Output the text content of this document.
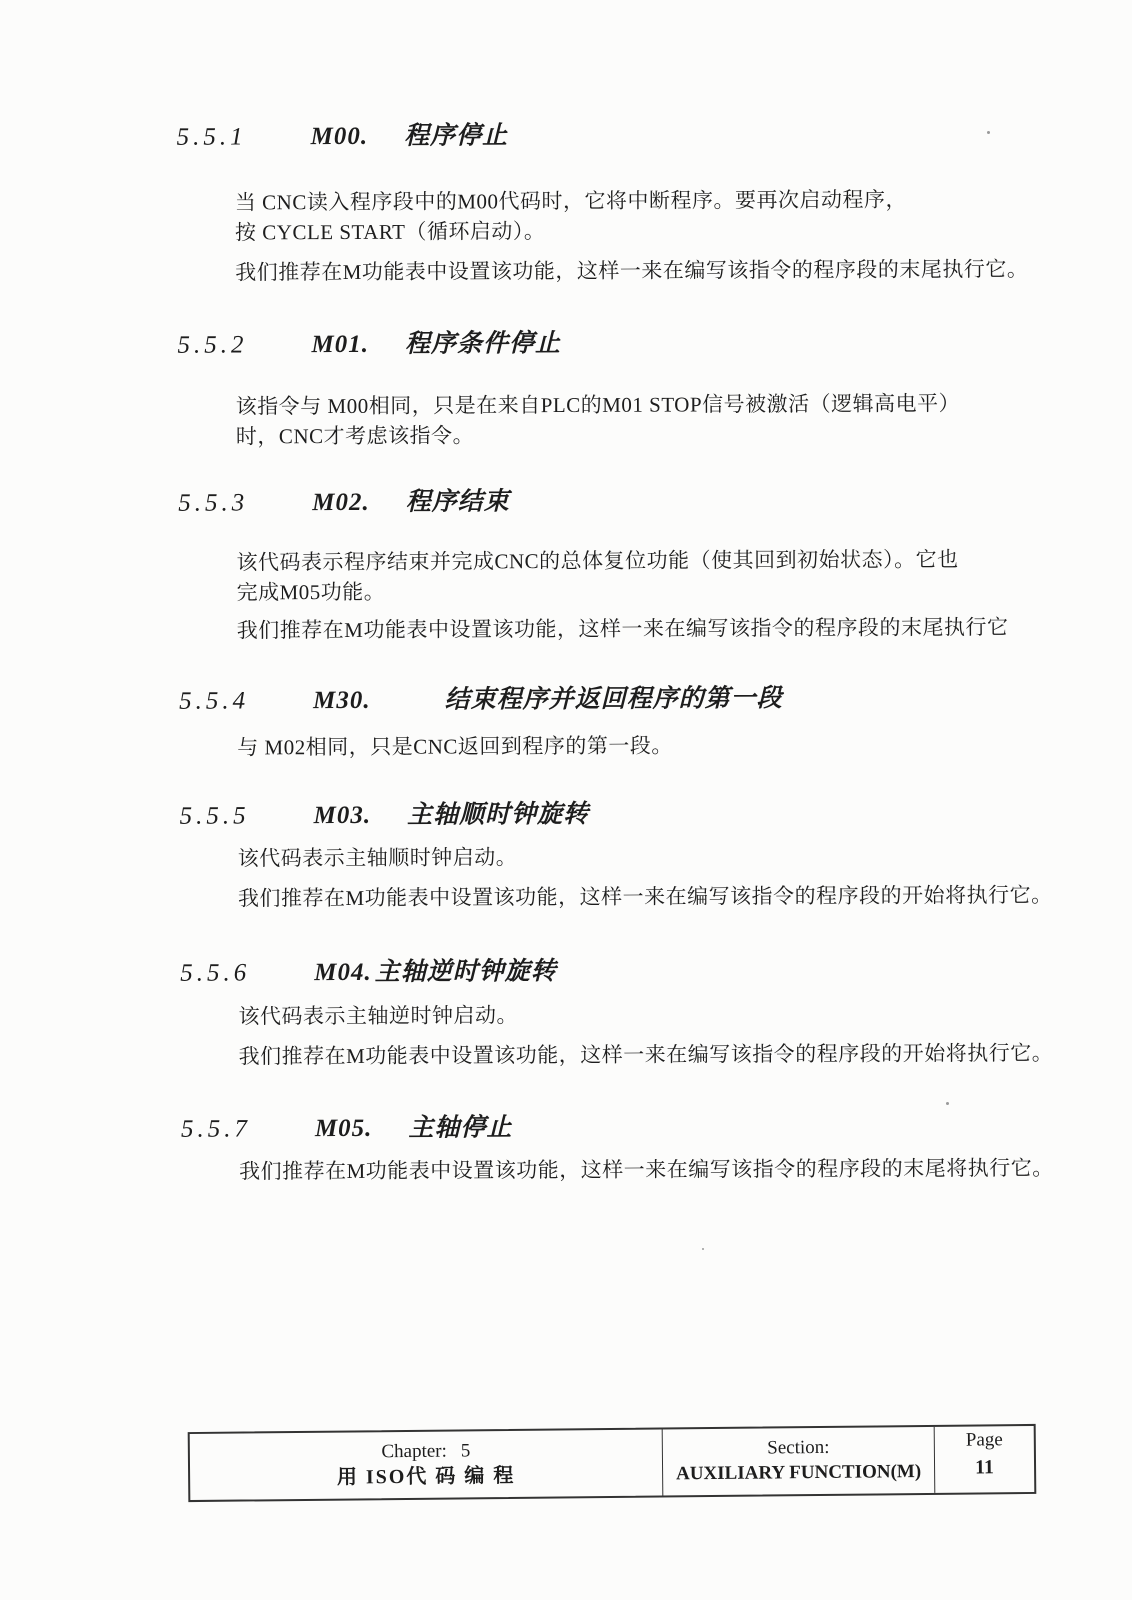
5.5.1	M00. 程序停止

当 CNC读入程序段中的M00代码时，它将中断程序。要再次启动程序，

按 CYCLE START（循环启动）。

我们推荐在M功能表中设置该功能，这样一来在编写该指令的程序段的末尾执行它。

5.5.2	M01. 程序条件停止

该指令与 M00相同，只是在来自PLC的M01 STOP信号被激活（逻辑高电平）

时，CNC才考虑该指令。

5.5.3	M02. 程序结束

该代码表示程序结束并完成CNC的总体复位功能（使其回到初始状态）。它也

完成M05功能。

我们推荐在M功能表中设置该功能，这样一来在编写该指令的程序段的末尾执行它

5.5.4	M30.	结束程序并返回程序的第一段

与 M02相同，只是CNC返回到程序的第一段。

5.5.5	M03. 主轴顺时钟旋转

该代码表示主轴顺时钟启动。

我们推荐在M功能表中设置该功能，这样一来在编写该指令的程序段的开始将执行它。

5.5.6	M04. 主轴逆时钟旋转

该代码表示主轴逆时钟启动。

我们推荐在M功能表中设置该功能，这样一来在编写该指令的程序段的开始将执行它。

5.5.7	M05. 主轴停止

我们推荐在M功能表中设置该功能，这样一来在编写该指令的程序段的末尾将执行它。

Chapter: 5
用 ISO代 码 编 程
Section:
AUXILIARY FUNCTION(M)
Page
11
